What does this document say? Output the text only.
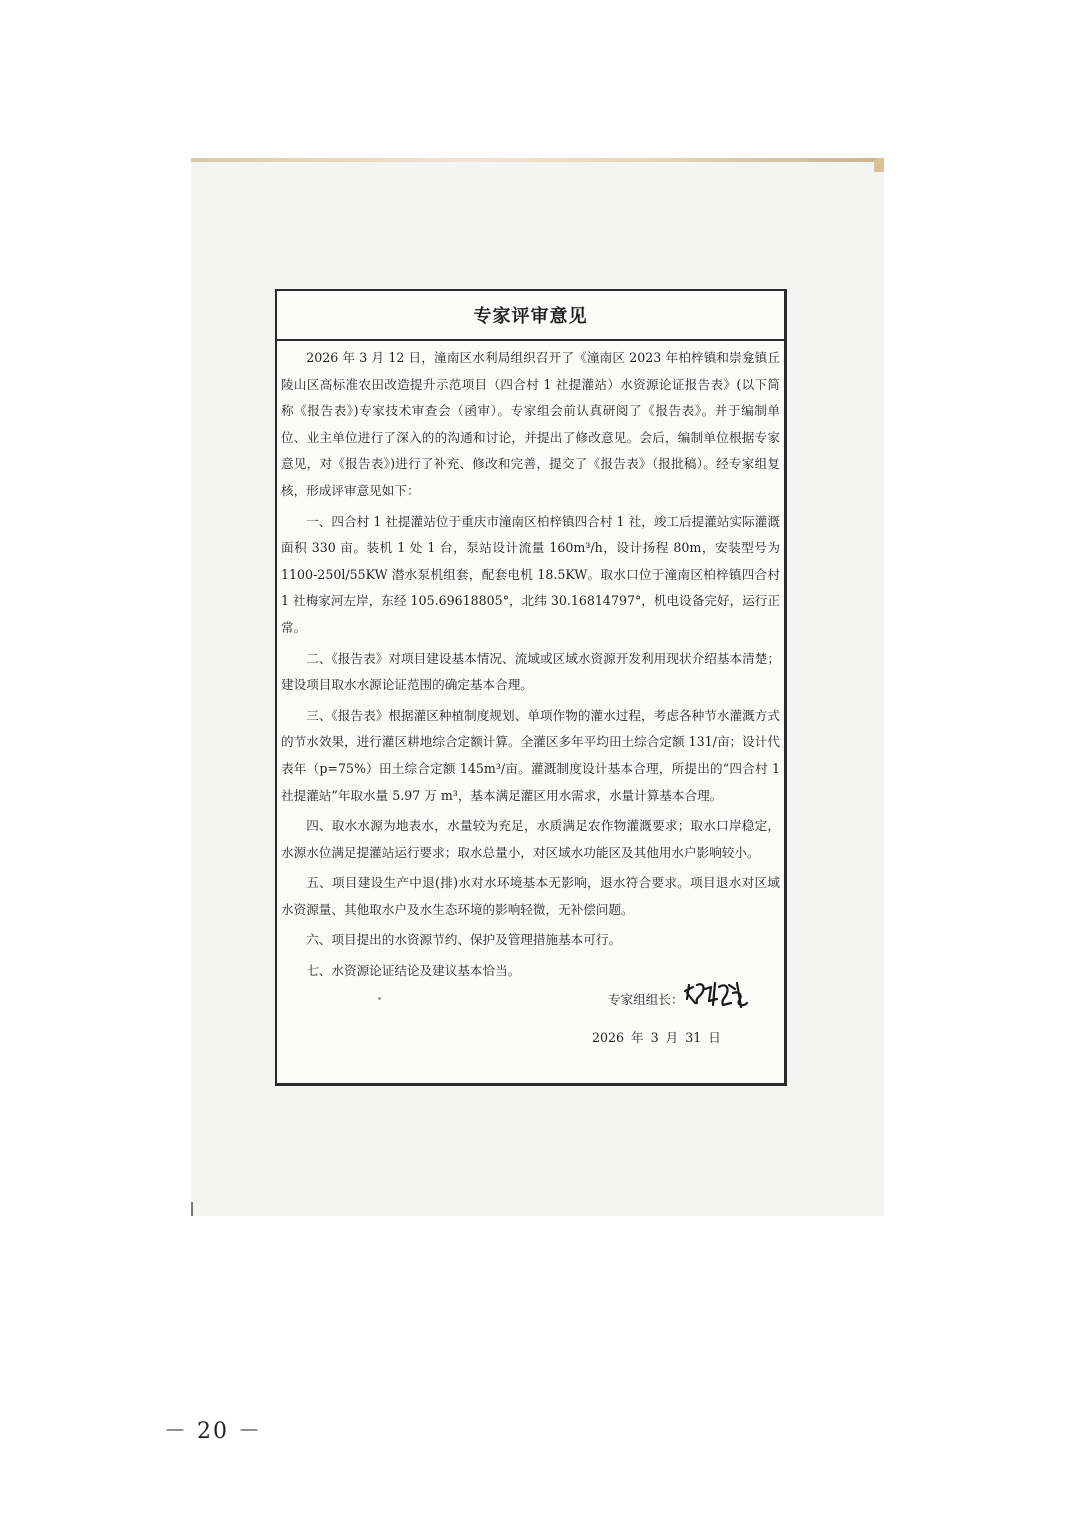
专家评审意见

2026 年 3 月 12 日，潼南区水利局组织召开了《潼南区 2023 年柏梓镇和崇龛镇丘陵山区高标准农田改造提升示范项目（四合村 1 社提灌站）水资源论证报告表》(以下简称《报告表》)专家技术审查会（函审）。专家组会前认真研阅了《报告表》。并于编制单位、业主单位进行了深入的的沟通和讨论，并提出了修改意见。会后，编制单位根据专家意见，对《报告表》)进行了补充、修改和完善，提交了《报告表》（报批稿）。经专家组复核，形成评审意见如下：

一、四合村 1 社提灌站位于重庆市潼南区柏梓镇四合村 1 社，竣工后提灌站实际灌溉面积 330 亩。装机 1 处 1 台，泵站设计流量 160m³/h，设计扬程 80m，安装型号为 1100-250l/55KW 潜水泵机组套，配套电机 18.5KW。取水口位于潼南区柏梓镇四合村 1 社梅家河左岸，东经 105.69618805°，北纬 30.16814797°，机电设备完好，运行正常。

二、《报告表》对项目建设基本情况、流域或区域水资源开发利用现状介绍基本清楚；建设项目取水水源论证范围的确定基本合理。

三、《报告表》根据灌区种植制度规划、单项作物的灌水过程，考虑各种节水灌溉方式的节水效果，进行灌区耕地综合定额计算。全灌区多年平均田土综合定额 131/亩；设计代表年（p=75%）田土综合定额 145m³/亩。灌溉制度设计基本合理，所提出的“四合村 1 社提灌站”年取水量 5.97 万 m³，基本满足灌区用水需求，水量计算基本合理。

四、取水水源为地表水，水量较为充足，水质满足农作物灌溉要求；取水口岸稳定，水源水位满足提灌站运行要求；取水总量小，对区域水功能区及其他用水户影响较小。

五、项目建设生产中退(排)水对水环境基本无影响，退水符合要求。项目退水对区域水资源量、其他取水户及水生态环境的影响轻微，无补偿问题。

六、项目提出的水资源节约、保护及管理措施基本可行。

七、水资源论证结论及建议基本恰当。

专家组组长：
2026 年 3 月 31 日
－ 20 －
